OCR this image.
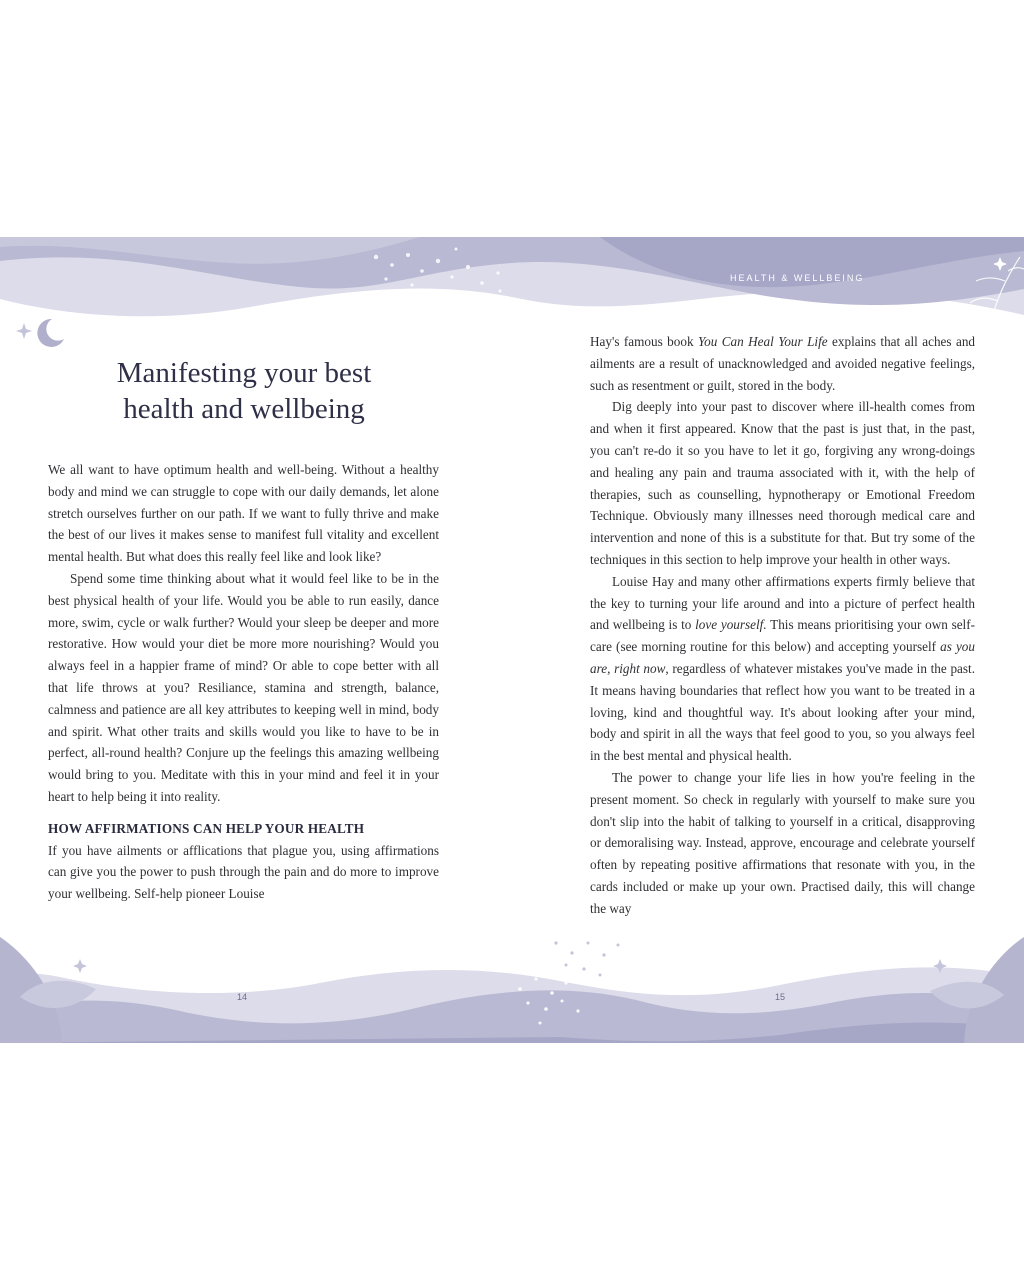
Manifesting your best
health and wellbeing

We all want to have optimum health and well-being. Without a healthy body and mind we can struggle to cope with our daily demands, let alone stretch ourselves further on our path. If we want to fully thrive and make the best of our lives it makes sense to manifest full vitality and excellent mental health. But what does this really feel like and look like?

Spend some time thinking about what it would feel like to be in the best physical health of your life. Would you be able to run easily, dance more, swim, cycle or walk further? Would your sleep be deeper and more restorative. How would your diet be more more nourishing? Would you always feel in a happier frame of mind? Or able to cope better with all that life throws at you? Resiliance, stamina and strength, balance, calmness and patience are all key attributes to keeping well in mind, body and spirit. What other traits and skills would you like to have to be in perfect, all-round health? Conjure up the feelings this amazing wellbeing would bring to you. Meditate with this in your mind and feel it in your heart to help being it into reality.

HOW AFFIRMATIONS CAN HELP YOUR HEALTH

If you have ailments or afflications that plague you, using affirmations can give you the power to push through the pain and do more to improve your wellbeing. Self-help pioneer Louise

14
HEALTH & WELLBEING

Hay's famous book You Can Heal Your Life explains that all aches and ailments are a result of unacknowledged and avoided negative feelings, such as resentment or guilt, stored in the body.

Dig deeply into your past to discover where ill-health comes from and when it first appeared. Know that the past is just that, in the past, you can't re-do it so you have to let it go, forgiving any wrong-doings and healing any pain and trauma associated with it, with the help of therapies, such as counselling, hypnotherapy or Emotional Freedom Technique. Obviously many illnesses need thorough medical care and intervention and none of this is a substitute for that. But try some of the techniques in this section to help improve your health in other ways.

Louise Hay and many other affirmations experts firmly believe that the key to turning your life around and into a picture of perfect health and wellbeing is to love yourself. This means prioritising your own self-care (see morning routine for this below) and accepting yourself as you are, right now, regardless of whatever mistakes you've made in the past. It means having boundaries that reflect how you want to be treated in a loving, kind and thoughtful way. It's about looking after your mind, body and spirit in all the ways that feel good to you, so you always feel in the best mental and physical health.

The power to change your life lies in how you're feeling in the present moment. So check in regularly with yourself to make sure you don't slip into the habit of talking to yourself in a critical, disapproving or demoralising way. Instead, approve, encourage and celebrate yourself often by repeating positive affirmations that resonate with you, in the cards included or make up your own. Practised daily, this will change the way

15
